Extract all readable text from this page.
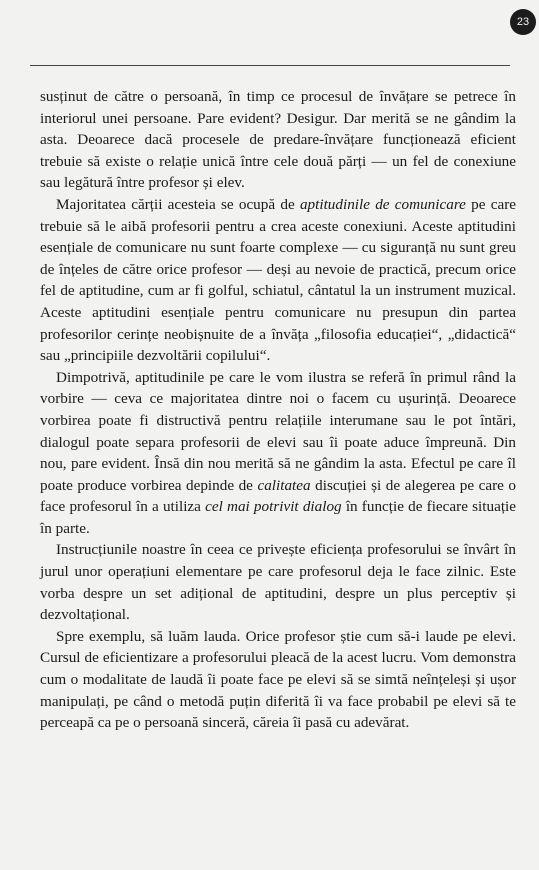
23

susținut de către o persoană, în timp ce procesul de învățare se petrece în interiorul unei persoane. Pare evident? Desigur. Dar merită se ne gândim la asta. Deoarece dacă procesele de predare-învățare funcționează eficient trebuie să existe o relație unică între cele două părți — un fel de conexiune sau legătură între profesor și elev.

Majoritatea cărții acesteia se ocupă de aptitudinile de comunicare pe care trebuie să le aibă profesorii pentru a crea aceste conexiuni. Aceste aptitudini esențiale de comunicare nu sunt foarte complexe — cu siguranță nu sunt greu de înțeles de către orice profesor — deși au nevoie de practică, precum orice fel de aptitudine, cum ar fi golful, schiatul, cântatul la un instrument muzical. Aceste aptitudini esențiale pentru comunicare nu presupun din partea profesorilor cerințe neobișnuite de a învăța „filosofia educației“, „didactică“ sau „principiile dezvoltării copilului“.

Dimpotrivă, aptitudinile pe care le vom ilustra se referă în primul rând la vorbire — ceva ce majoritatea dintre noi o facem cu ușurință. Deoarece vorbirea poate fi distructivă pentru relațiile interumane sau le pot întări, dialogul poate separa profesorii de elevi sau îi poate aduce împreună. Din nou, pare evident. Însă din nou merită să ne gândim la asta. Efectul pe care îl poate produce vorbirea depinde de calitatea discuției și de alegerea pe care o face profesorul în a utiliza cel mai potrivit dialog în funcție de fiecare situație în parte.

Instrucțiunile noastre în ceea ce privește eficiența profesorului se învârt în jurul unor operațiuni elementare pe care profesorul deja le face zilnic. Este vorba despre un set adițional de aptitudini, despre un plus perceptiv și dezvoltațional.

Spre exemplu, să luăm lauda. Orice profesor știe cum să-i laude pe elevi. Cursul de eficientizare a profesorului pleacă de la acest lucru. Vom demonstra cum o modalitate de laudă îi poate face pe elevi să se simtă neînțeleși și ușor manipulați, pe când o metodă puțin diferită îi va face probabil pe elevi să te perceapă ca pe o persoană sinceră, căreia îi pasă cu adevărat.
